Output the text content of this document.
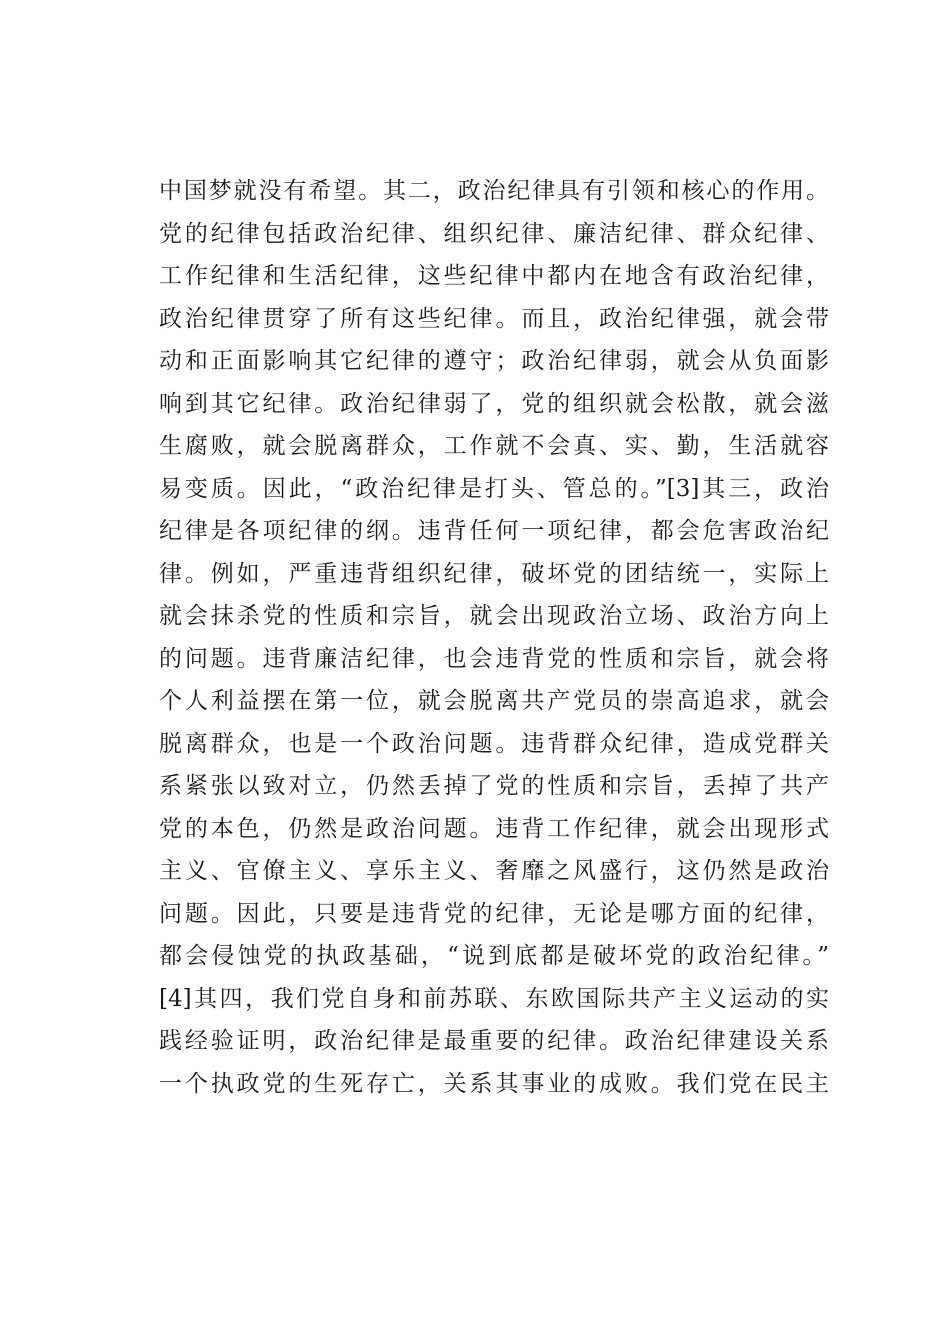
中国梦就没有希望。其二，政治纪律具有引领和核心的作用。
党的纪律包括政治纪律、组织纪律、廉洁纪律、群众纪律、
工作纪律和生活纪律，这些纪律中都内在地含有政治纪律，
政治纪律贯穿了所有这些纪律。而且，政治纪律强，就会带
动和正面影响其它纪律的遵守；政治纪律弱，就会从负面影
响到其它纪律。政治纪律弱了，党的组织就会松散，就会滋
生腐败，就会脱离群众，工作就不会真、实、勤，生活就容
易变质。因此，“政治纪律是打头、管总的。”[3]其三，政治
纪律是各项纪律的纲。违背任何一项纪律，都会危害政治纪
律。例如，严重违背组织纪律，破坏党的团结统一，实际上
就会抹杀党的性质和宗旨，就会出现政治立场、政治方向上
的问题。违背廉洁纪律，也会违背党的性质和宗旨，就会将
个人利益摆在第一位，就会脱离共产党员的崇高追求，就会
脱离群众，也是一个政治问题。违背群众纪律，造成党群关
系紧张以致对立，仍然丢掉了党的性质和宗旨，丢掉了共产
党的本色，仍然是政治问题。违背工作纪律，就会出现形式
主义、官僚主义、享乐主义、奢靡之风盛行，这仍然是政治
问题。因此，只要是违背党的纪律，无论是哪方面的纪律，
都会侵蚀党的执政基础，“说到底都是破坏党的政治纪律。”
[4]其四，我们党自身和前苏联、东欧国际共产主义运动的实
践经验证明，政治纪律是最重要的纪律。政治纪律建设关系
一个执政党的生死存亡，关系其事业的成败。我们党在民主
